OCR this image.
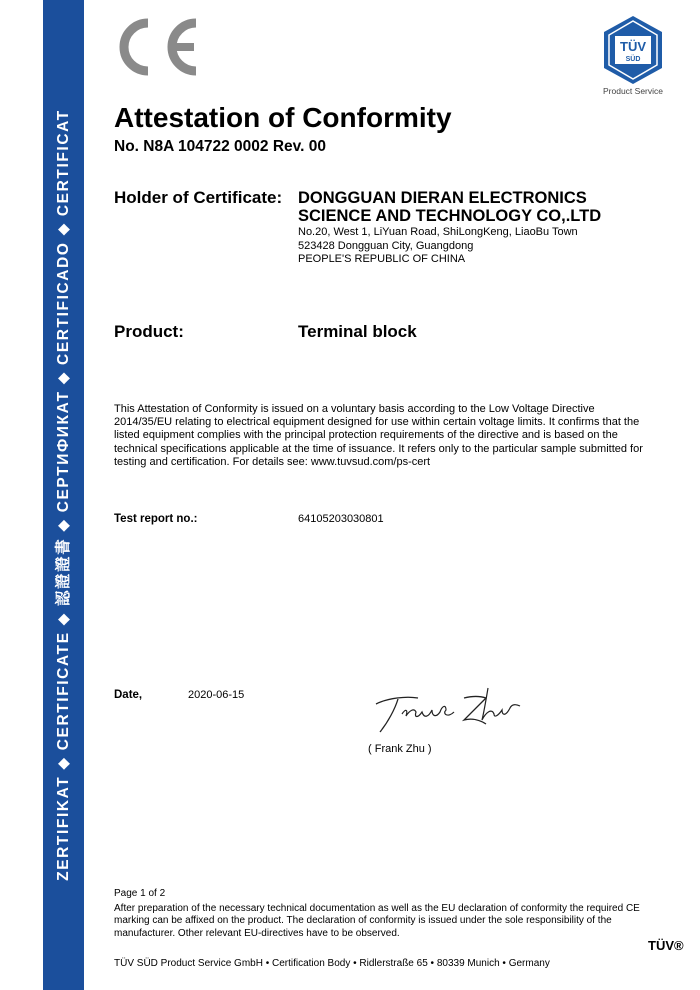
ZERTIFIKAT ◆ CERTIFICATE ◆ 認證證書 ◆ СЕРТИФИКАТ ◆ CERTIFICADO ◆ CERTIFICAT
TÜV
SÜD
Product Service
Attestation of Conformity
No. N8A 104722 0002 Rev. 00
Holder of Certificate: DONGGUAN DIERAN ELECTRONICS
SCIENCE AND TECHNOLOGY CO,.LTD
No.20, West 1, LiYuan Road, ShiLongKeng, LiaoBu Town
523428 Dongguan City, Guangdong
PEOPLE'S REPUBLIC OF CHINA
Product:	Terminal block
This Attestation of Conformity is issued on a voluntary basis according to the Low Voltage Directive 2014/35/EU relating to electrical equipment designed for use within certain voltage limits. It confirms that the listed equipment complies with the principal protection requirements of the directive and is based on the technical specifications applicable at the time of issuance. It refers only to the particular sample submitted for testing and certification. For details see: www.tuvsud.com/ps-cert
Test report no.:	64105203030801
Date,	2020-06-15
( Frank Zhu )
Page 1 of 2
After preparation of the necessary technical documentation as well as the EU declaration of conformity the required CE marking can be affixed on the product. The declaration of conformity is issued under the sole responsibility of the manufacturer. Other relevant EU-directives have to be observed.
TÜV®
TÜV SÜD Product Service GmbH • Certification Body • Ridlerstraße 65 • 80339 Munich • Germany
